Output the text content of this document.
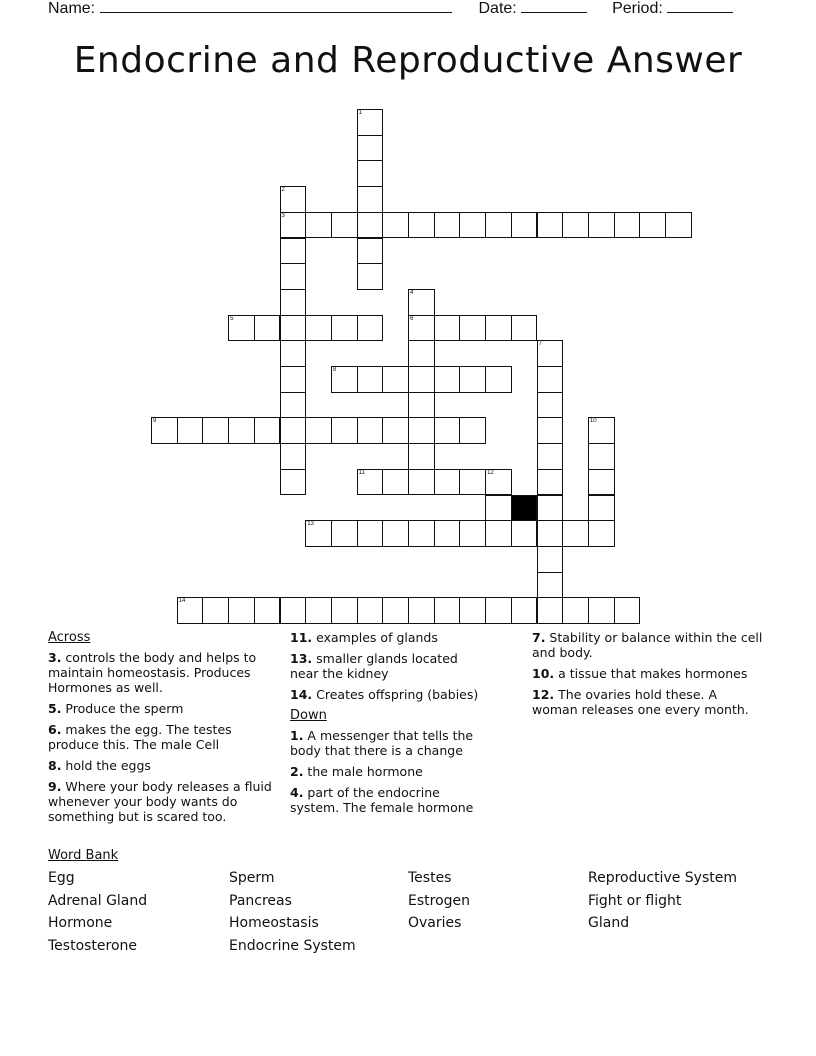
Name:	Date:	Period:
Endocrine and Reproductive Answer
1
2
3
4
6
5
7
8
9	10
11	12
13
14
Across
3. controls the body and helps to maintain homeostasis. Produces Hormones as well.
5. Produce the sperm
6. makes the egg. The testes produce this. The male Cell
8. hold the eggs
9. Where your body releases a fluid whenever your body wants do something but is scared too.
11. examples of glands
13. smaller glands located near the kidney
14. Creates offspring (babies)
Down
1. A messenger that tells the body that there is a change
2. the male hormone
4. part of the endocrine system. The female hormone
7. Stability or balance within the cell and body.
10. a tissue that makes hormones
12. The ovaries hold these. A woman releases one every month.
Word Bank
Egg
Adrenal Gland
Hormone
Testosterone
Sperm
Pancreas
Homeostasis
Endocrine System
Testes
Estrogen
Ovaries
Reproductive System
Fight or flight
Gland
